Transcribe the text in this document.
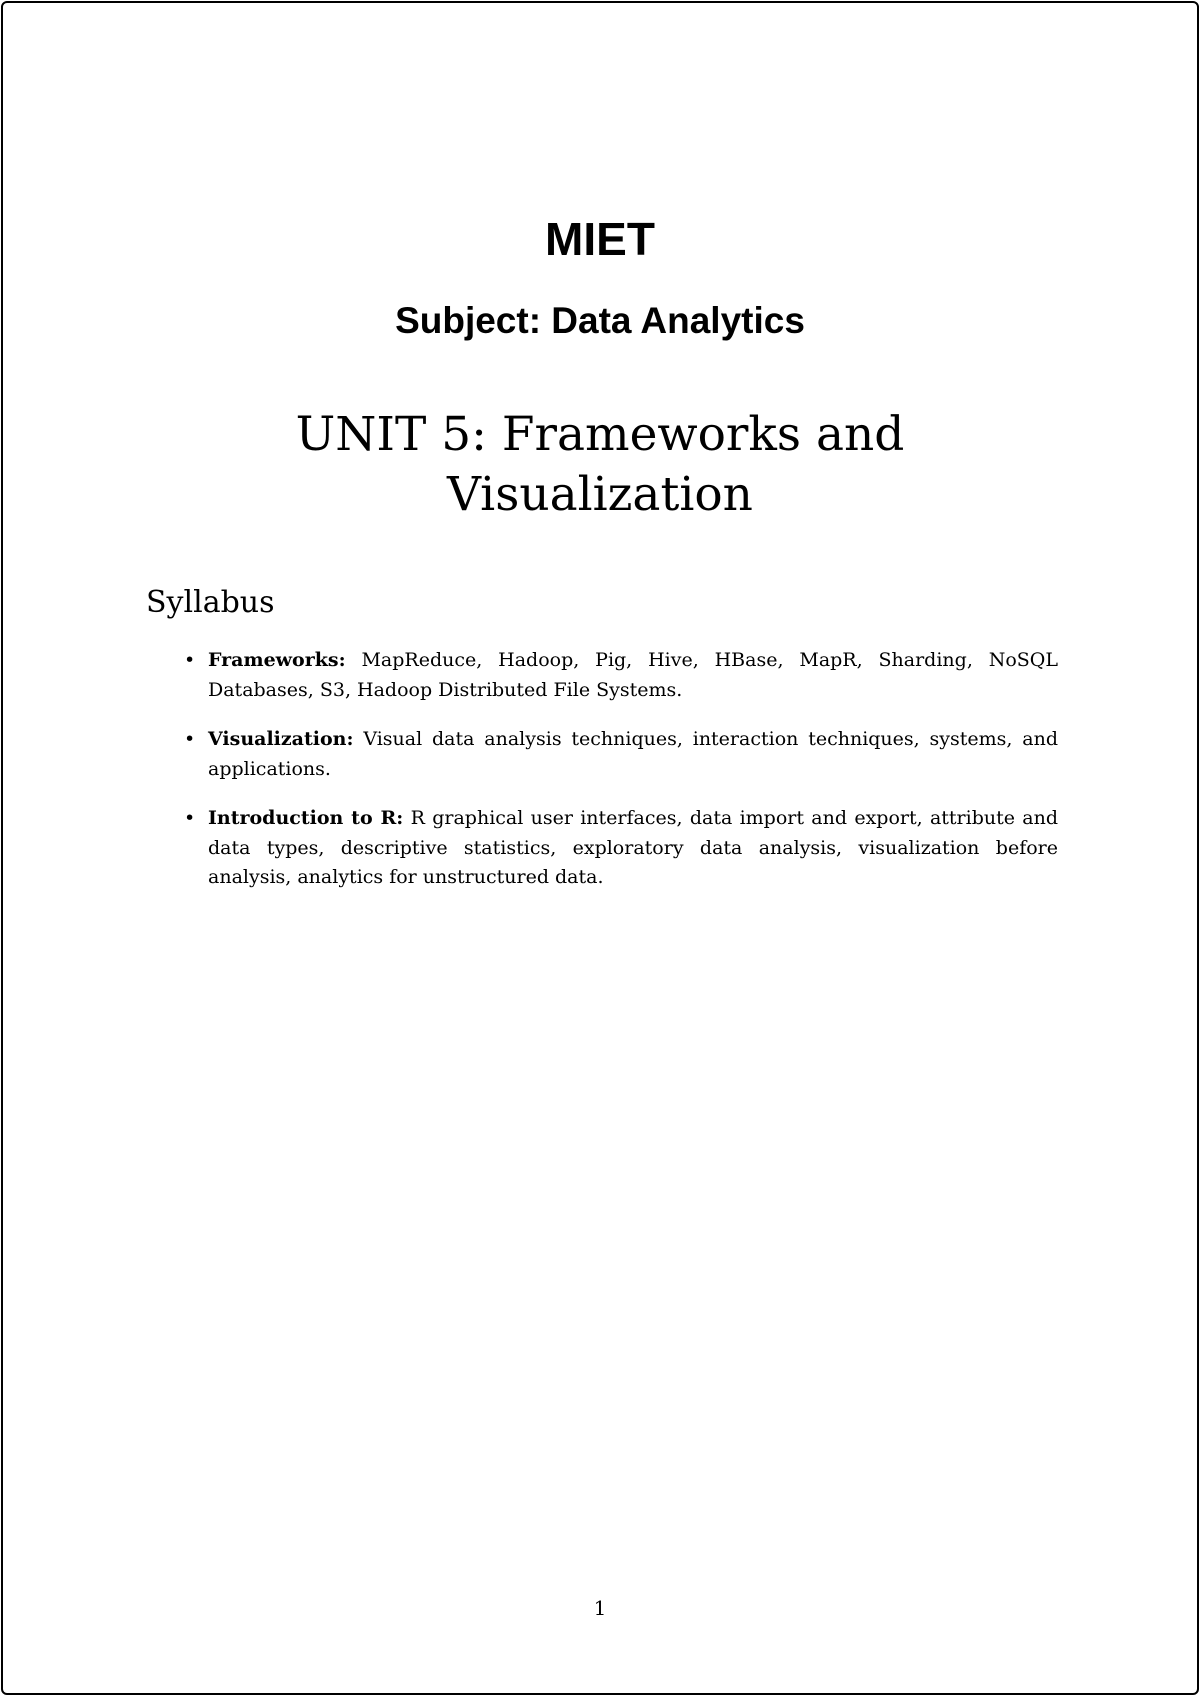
MIET
Subject: Data Analytics
UNIT 5: Frameworks and Visualization
Syllabus
• Frameworks: MapReduce, Hadoop, Pig, Hive, HBase, MapR, Sharding, NoSQL Databases, S3, Hadoop Distributed File Systems.
• Visualization: Visual data analysis techniques, interaction techniques, systems, and applications.
• Introduction to R: R graphical user interfaces, data import and export, attribute and data types, descriptive statistics, exploratory data analysis, visualization before analysis, analytics for unstructured data.
1
